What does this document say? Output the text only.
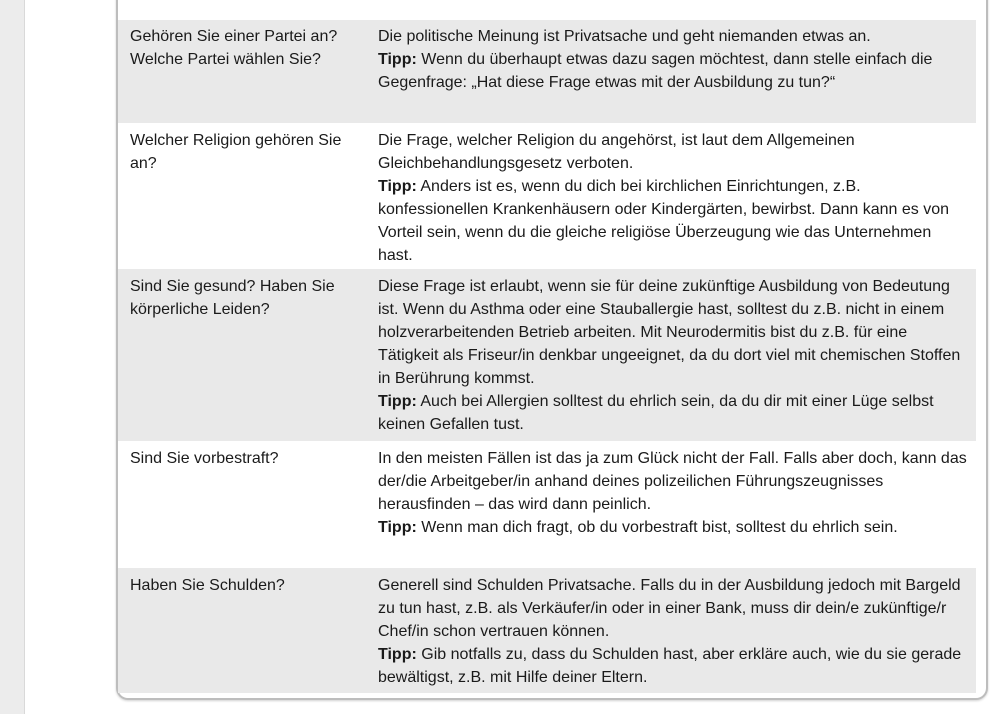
Gehören Sie einer Partei an? Welche Partei wählen Sie?

Die politische Meinung ist Privatsache und geht niemanden etwas an.

Tipp: Wenn du überhaupt etwas dazu sagen möchtest, dann stelle einfach die Gegenfrage: „Hat diese Frage etwas mit der Ausbildung zu tun?“

Welcher Religion gehören Sie an?

Die Frage, welcher Religion du angehörst, ist laut dem Allgemeinen Gleichbehandlungsgesetz verboten.

Tipp: Anders ist es, wenn du dich bei kirchlichen Einrichtungen, z.B. konfessionellen Krankenhäusern oder Kindergärten, bewirbst. Dann kann es von Vorteil sein, wenn du die gleiche religiöse Überzeugung wie das Unternehmen hast.

Sind Sie gesund? Haben Sie körperliche Leiden?

Diese Frage ist erlaubt, wenn sie für deine zukünftige Ausbildung von Bedeutung ist. Wenn du Asthma oder eine Stauballergie hast, solltest du z.B. nicht in einem holzverarbeitenden Betrieb arbeiten. Mit Neurodermitis bist du z.B. für eine Tätigkeit als Friseur/in denkbar ungeeignet, da du dort viel mit chemischen Stoffen in Berührung kommst.

Tipp: Auch bei Allergien solltest du ehrlich sein, da du dir mit einer Lüge selbst keinen Gefallen tust.

Sind Sie vorbestraft?	In den meisten Fällen ist das ja zum Glück nicht der Fall. Falls aber doch, kann das der/die Arbeitgeber/in anhand deines polizeilichen Führungszeugnisses herausfinden – das wird dann peinlich.

Tipp: Wenn man dich fragt, ob du vorbestraft bist, solltest du ehrlich sein.

Haben Sie Schulden?	Generell sind Schulden Privatsache. Falls du in der Ausbildung jedoch mit Bargeld zu tun hast, z.B. als Verkäufer/in oder in einer Bank, muss dir dein/e zukünftige/r Chef/in schon vertrauen können.

Tipp: Gib notfalls zu, dass du Schulden hast, aber erkläre auch, wie du sie gerade bewältigst, z.B. mit Hilfe deiner Eltern.
